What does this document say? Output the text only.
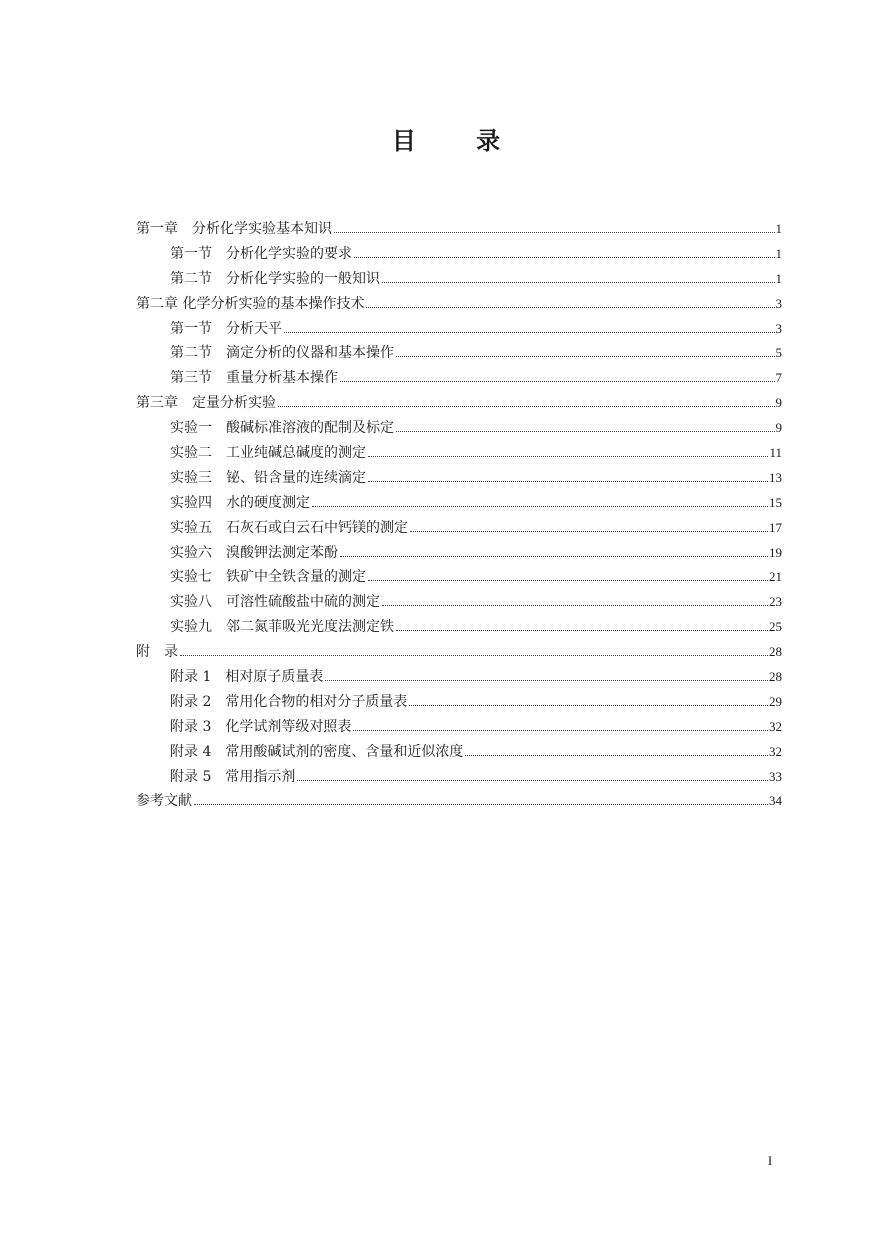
目 录
第一章　分析化学实验基本知识	1
第一节　分析化学实验的要求	1
第二节　分析化学实验的一般知识	1
第二章 化学分析实验的基本操作技术	3
第一节　分析天平	3
第二节　滴定分析的仪器和基本操作	5
第三节　重量分析基本操作	7
第三章　定量分析实验	9
实验一　酸碱标准溶液的配制及标定	9
实验二　工业纯碱总碱度的测定	11
实验三　铋、铅含量的连续滴定	13
实验四　水的硬度测定	15
实验五　石灰石或白云石中钙镁的测定	17
实验六　溴酸钾法测定苯酚	19
实验七　铁矿中全铁含量的测定	21
实验八　可溶性硫酸盐中硫的测定	23
实验九　邻二氮菲吸光光度法测定铁	25
附　录	28
附录 1　相对原子质量表	28
附录 2　常用化合物的相对分子质量表	29
附录 3　化学试剂等级对照表	32
附录 4　常用酸碱试剂的密度、含量和近似浓度	32
附录 5　常用指示剂	33
参考文献	34
I
